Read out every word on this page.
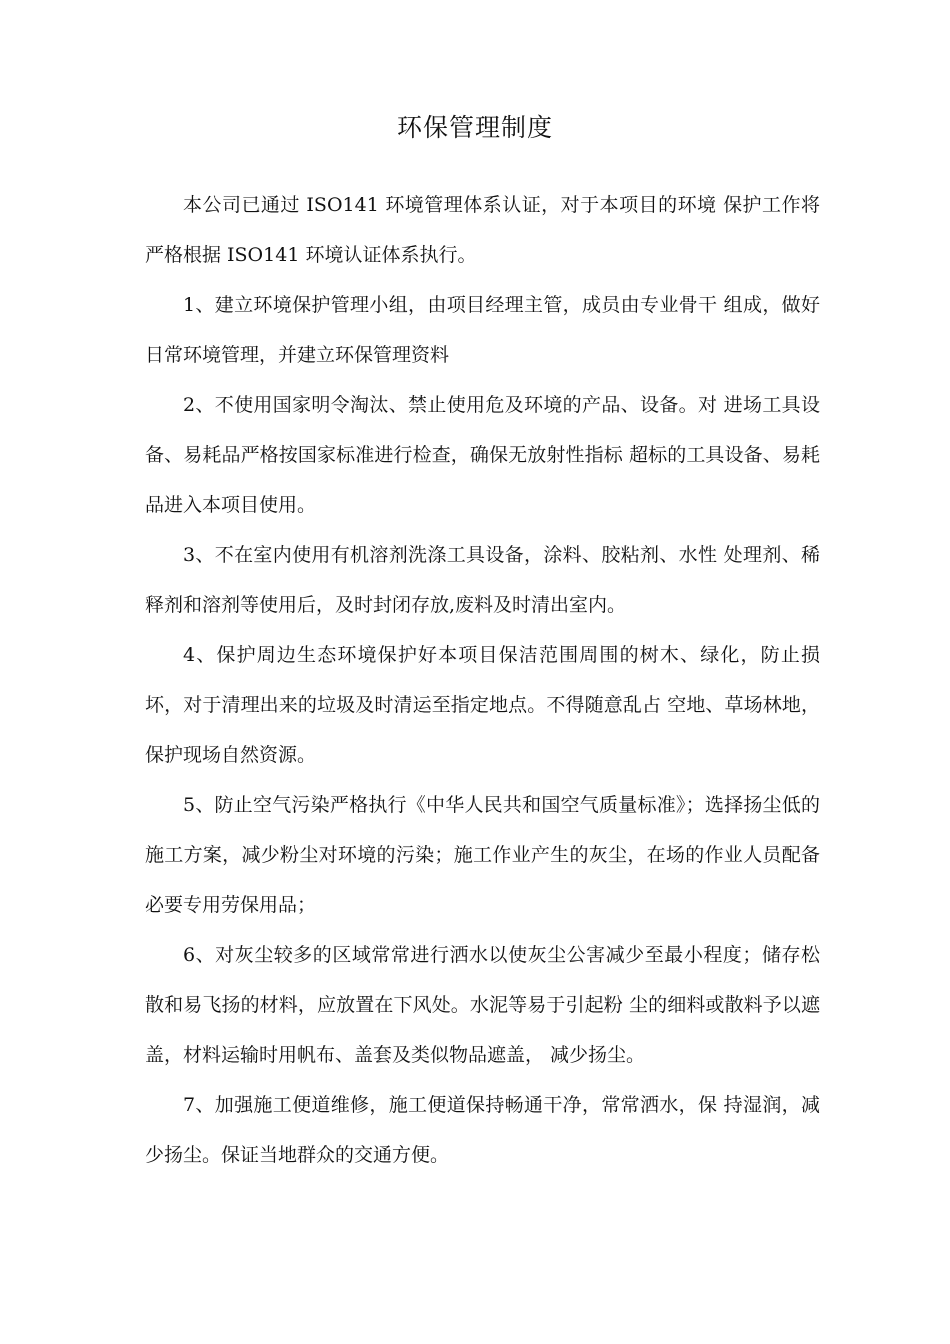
环保管理制度

本公司已通过 ISO141 环境管理体系认证，对于本项目的环境 保护工作将严格根据 ISO141 环境认证体系执行。

1、建立环境保护管理小组，由项目经理主管，成员由专业骨干 组成，做好日常环境管理，并建立环保管理资料

2、不使用国家明令淘汰、禁止使用危及环境的产品、设备。对 进场工具设备、易耗品严格按国家标准进行检查，确保无放射性指标 超标的工具设备、易耗品进入本项目使用。

3、不在室内使用有机溶剂洗涤工具设备，涂料、胶粘剂、水性 处理剂、稀释剂和溶剂等使用后，及时封闭存放,废料及时清出室内。

4、保护周边生态环境保护好本项目保洁范围周围的树木、绿化，防止损坏，对于清理出来的垃圾及时清运至指定地点。不得随意乱占 空地、草场林地，保护现场自然资源。

5、防止空气污染严格执行《中华人民共和国空气质量标准》；选择扬尘低的施工方案，减少粉尘对环境的污染；施工作业产生的灰尘，在场的作业人员配备必要专用劳保用品；

6、对灰尘较多的区域常常进行洒水以使灰尘公害减少至最小程度；储存松散和易飞扬的材料，应放置在下风处。水泥等易于引起粉 尘的细料或散料予以遮盖，材料运输时用帆布、盖套及类似物品遮盖， 减少扬尘。

7、加强施工便道维修，施工便道保持畅通干净，常常洒水，保 持湿润，减少扬尘。保证当地群众的交通方便。
